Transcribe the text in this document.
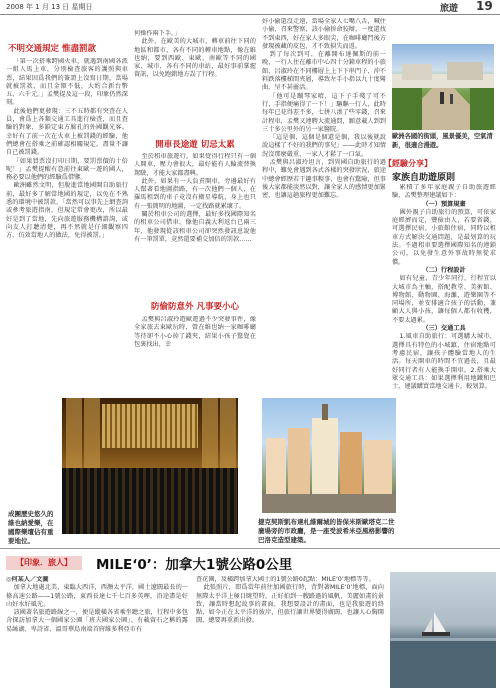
2008 年 1 月 13 日 星期日	旅遊 19
不明交通規定 惟盡罰款

「第一次搭乘跨國火車，就遇到南國各派一組人馬上車，分別檢查旅客的護照與車票，結果因爲我們的簽證上沒寫日期，當場就被罰款，而且金額不低，大約合新台幣五、六千元。」孟樊提及這一段，印象仍然深刻。

此後他們更發現：三不五時都有突查在人員，會爲上各類交通工具進行檢查，而且查驗的對象，多鎖定東方臉孔的外國觀光客。幸好有了前一次在火車上被罰錢的經驗，他們總會在搭乘之前確認相關規定，盡量不讓自己被罰錢。

「如果買票沒打印日期，要罰票價的十倍呢！」孟樊提醒有意前往東歐一遊的國人，務必要以他們的經驗爲借鑒。

歐洲雖然文明，但脫進當地國開自助旅行前，最好多了解當地國的規定，以免在不熟悉的環境中被罰款。「當然可以事先上網查詢或參考旅遊指南，但規定常會更改，所以最好是到了當地，先向旅遊服務機構諮詢，或向友人打聽清楚，再不然就是仔細觀察四方，仿效當地人的做法，免得被罰。」

何操作兩下手。」

此外，在歐美的大城市，轉車前往下同的地區和都市，各有不同的轉車地點，像在維也納，要到西歐、東歐、南歐等不同的國家、城市，各有不同的車站，最好事前掌握資訊，以免跑錯地方誤了行程。

開車長途遊 切忌太累

至於租車旅遊行，如果覺得行程只有一個人開車，壓力會很大，最好能有人輪流替換駕駛，才能大家都盡興。

此外，如果有一人負責開車，旁邊最好有人幫著看地圖指路，有一次他們一個人，在羅馬租到的車子竟沒有衛星導航，身上也只有一張簡明的地圖，一定找路就累壞了。

關於租車公司的選擇，最好多找國際知名的租車公司借車，像他自義大利返台已兩三年，他發現從該租車公司卻突然發訊息說他有一筆罰單，竟然還要補交加倍的罰款……

防偷防意外 凡事要小心

孟樊與呂淑玲遊歐遊過不少突發事件，像全家旅去東歐玩時，曾在維也納一家咖啡廳等待卻不小心掉了錢夾，結果小孩子驚覺在包裏找出，幸

好小偷還沒走遠，當場全家人七嘴八舌，喊住小偷，召來警察，該小偷拚命狡辯，一度還找不到東西，好在家人多眼尖，在咖啡廳門後方發現被藏的皮包，才不致損失而返。

到了每次到可，在離開布達佩斯的前一晚，一行人住在離市中心四十分鐘車程的小旅館，呂淑玲在不同樓層上上下下串門子，沖不料跌落樓梯間夾層，導致左手小指以九十度彎曲，呈不甚靈活。

「他可是蹦琴家唷，這下子手殘了可不行，手指便痛得了一下！」驅驅一行人，此時每年已花得差不多，七拼八湊了些零錢，召來計程車，孟樊又連聘大流通問，願意載人到到三十多公里外的另一家醫院。

「這是個，這個是個還是個，我以後就說說這樣了不好的我們的事兒」——此時才知情況沒那麼嚴重，一家人才鬆了一口氣。

孟樊與呂淑玲坦言，到異國自助旅行的過程中，難免會遇到各式各樣的突發狀況，旅途中總會經歷若干趣事糗事，也會有驚險，但事後大家都能淡然以對，讓全家人的感情更加緊密，也讓這趟旅程更加難忘。

歐洲各國的街頭，風景優美，空氣清新，很適合漫遊。
【經驗分享】
家族自助遊原則

累積了多年家庭親子自助旅遊經驗，孟樊整理建議如下：

（一）預算規畫

國外親子自助旅行的預算，可依家庭經濟而定，豐儉由人，若要省錢，可選擇民宿、小旅館住宿，同時以租車方式解決交通問題，是最划算的玩法。不過租車要選擇國際知名的連鎖公司，以免發生意外事故時無從求償。

（二）行程設計

如有兒童，青少年同行，行程宜以大城市為主軸，搭配教堂、美術館、博物館、動物園、海灘、遊樂園等不同場所，並安排適合孩子的活動，兼顧大人與小孩，讓每個人都有收穫，不要太過累。

（三）交通工具

1.風車自助旅行：可選購大城市，選擇具有特色的小城鎮，住宿地點可考慮民宿，讓孩子體驗當地人的生活。每天開車的時間不宜過長，且最好同行者有人能換手開車。2.搭乘大眾交通工具：如果選擇利用地鐵和巴士，建議購買當地交通卡，較划算。

成團歷史悠久的維也納愛樂，在國際樂壇佔有重要地位。
捷克契斯凱布達札維爾城的皆保米斯歐塔克二世廣場旁的市政廳，是一座受波希米亞風格影響的巴洛克造型建築。
【印象．旅人】	MILE‘0’：加拿大1號公路0公里

◎何某人／文圖

加拿大地處北美，東臨大西洋，西瀕太平洋，國土遼闊最長的一條高速公路——1號公路，東西長達七千七百多英哩，沿途盡是好山好水好風光。

該國著名旅遊路線之一，便是縱橫各省乘坐聽之旅，行程中多包含探訪加拿大一個國家公園「班夫國家公園」、有載資石之稱的露易絲湖、卑詩省、溫哥華島南端首府維多利亞市有

查花園，及橫跨加拿大國土的1號公路0起點：MILE‘0’地標等等。

此張照片，即爲當年前往加國旅行時，背對著MILE‘0’地標，面向無際太平洋上極目眺望時，正好拍到一艘路過的風帆，美麗如畫的景致，讓當時想起故事的畫面，我想要設計的畫面，也是我旅遊的終點，如今正在太平洋的彼岸，但旅行讓世界變得廣闊，也讓人心胸開闊，總要再重新出發。
